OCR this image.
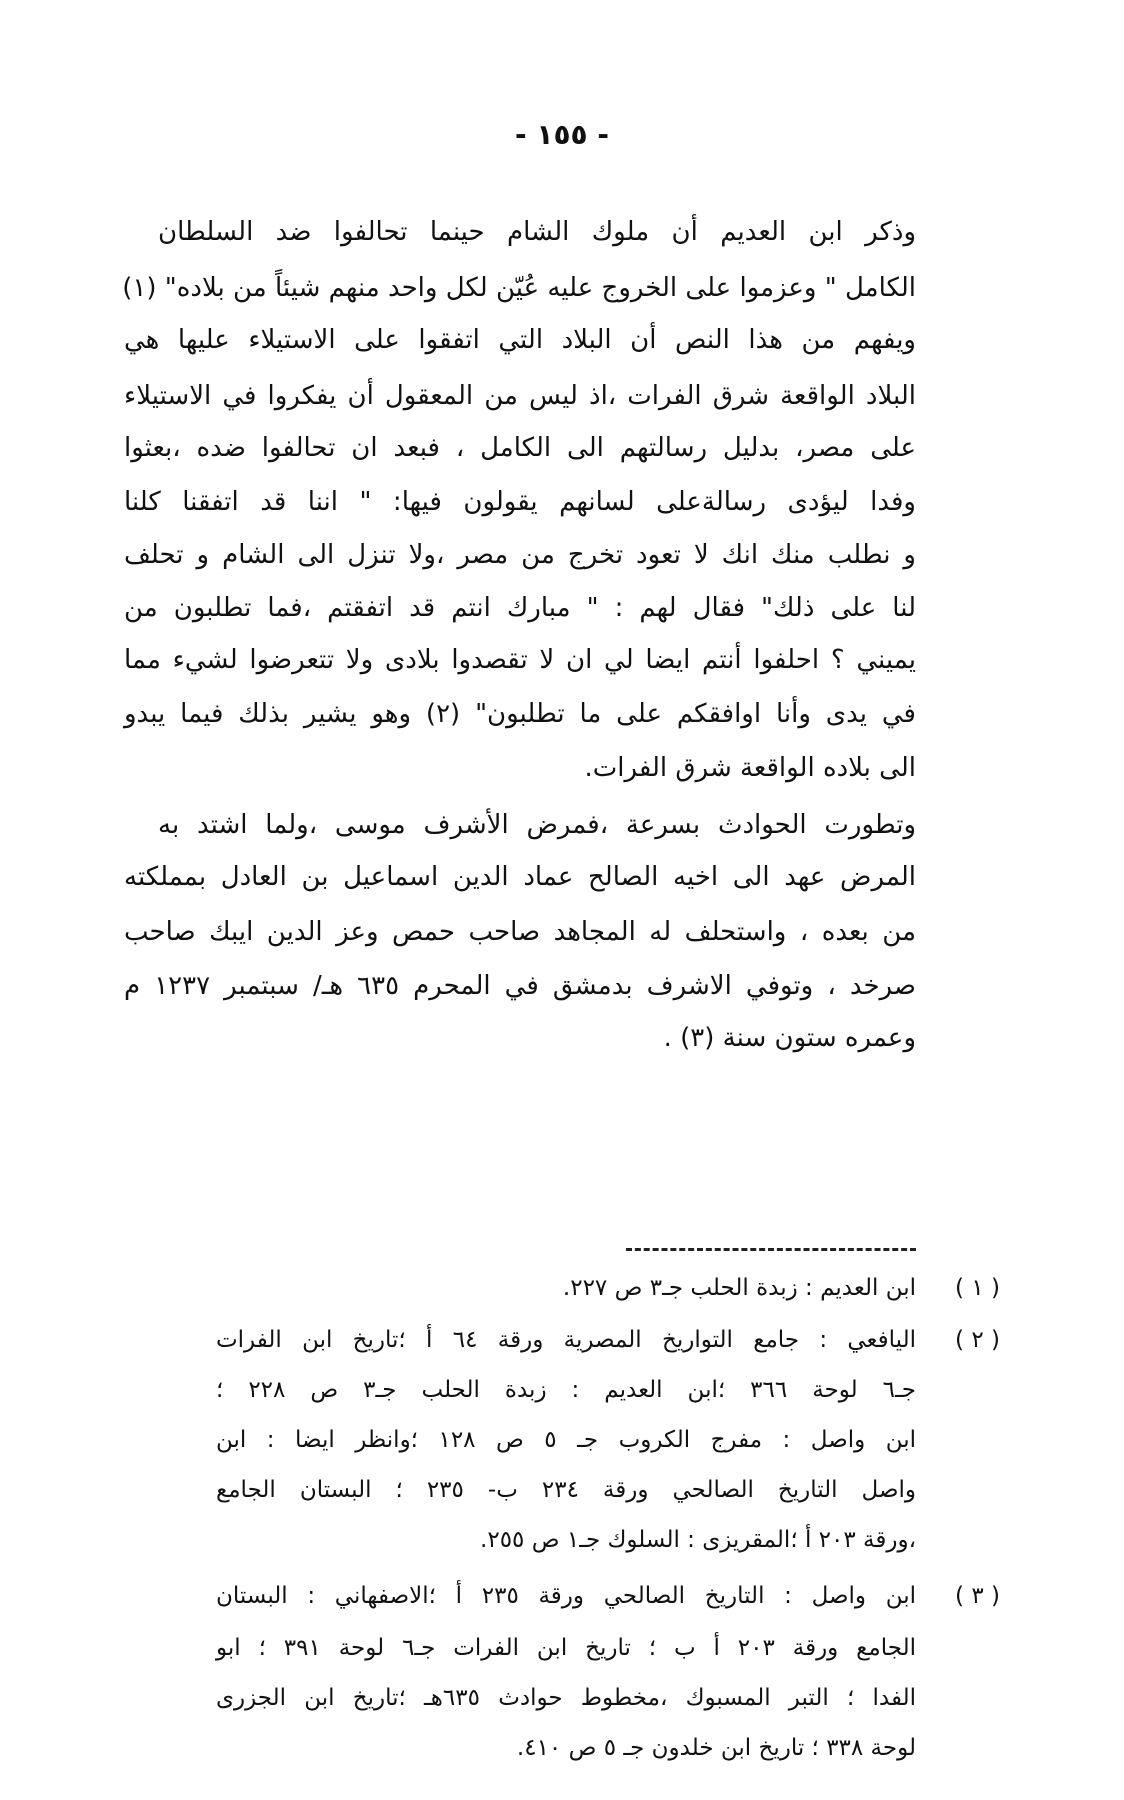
- ١٥٥ -
وذكر ابن العديم أن ملوك الشام حينما تحالفوا ضد السلطان
الكامل " وعزموا على الخروج عليه عُيّن لكل واحد منهم شيئاً من بلاده" (١)
ويفهم من هذا النص أن البلاد التي اتفقوا على الاستيلاء عليها هي
البلاد الواقعة شرق الفرات ،اذ ليس من المعقول أن يفكروا في الاستيلاء
على مصر، بدليل رسالتهم الى الكامل ، فبعد ان تحالفوا ضده ،بعثوا
وفدا ليؤدى رسالةعلى لسانهم يقولون فيها: " اننا قد اتفقنا كلنا
و نطلب منك انك لا تعود تخرج من مصر ،ولا تنزل الى الشام و تحلف
لنا على ذلك" فقال لهم : " مبارك انتم قد اتفقتم ،فما تطلبون من
يميني ؟ احلفوا أنتم ايضا لي ان لا تقصدوا بلادى ولا تتعرضوا لشيء مما
في يدى وأنا اوافقكم على ما تطلبون" (٢) وهو يشير بذلك فيما يبدو
الى بلاده الواقعة شرق الفرات.
وتطورت الحوادث بسرعة ،فمرض الأشرف موسى ،ولما اشتد به
المرض عهد الى اخيه الصالح عماد الدين اسماعيل بن العادل بمملكته
من بعده ، واستحلف له المجاهد صاحب حمص وعز الدين ايبك صاحب
صرخد ، وتوفي الاشرف بدمشق في المحرم ٦٣٥ هـ/ سبتمبر ١٢٣٧ م
وعمره ستون سنة (٣) .
( ١ )
ابن العديم : زبدة الحلب جـ٣ ص ٢٢٧.
( ٢ )
اليافعي : جامع التواريخ المصرية ورقة ٦٤ أ ؛تاريخ ابن الفرات
جـ٦ لوحة ٣٦٦ ؛ابن العديم : زبدة الحلب جـ٣ ص ٢٢٨ ؛
ابن واصل : مفرج الكروب جـ ٥ ص ١٢٨ ؛وانظر ايضا : ابن
واصل التاريخ الصالحي ورقة ٢٣٤ ب- ٢٣٥ ؛ البستان الجامع
،ورقة ٢٠٣ أ ؛المقريزى : السلوك جـ١ ص ٢٥٥.
( ٣ )
ابن واصل : التاريخ الصالحي ورقة ٢٣٥ أ ؛الاصفهاني : البستان
الجامع ورقة ٢٠٣ أ ب ؛ تاريخ ابن الفرات جـ٦ لوحة ٣٩١ ؛ ابو
الفدا ؛ التبر المسبوك ،مخطوط حوادث ٦٣٥هـ ؛تاريخ ابن الجزرى
لوحة ٣٣٨ ؛ تاريخ ابن خلدون جـ ٥ ص ٤١٠.
